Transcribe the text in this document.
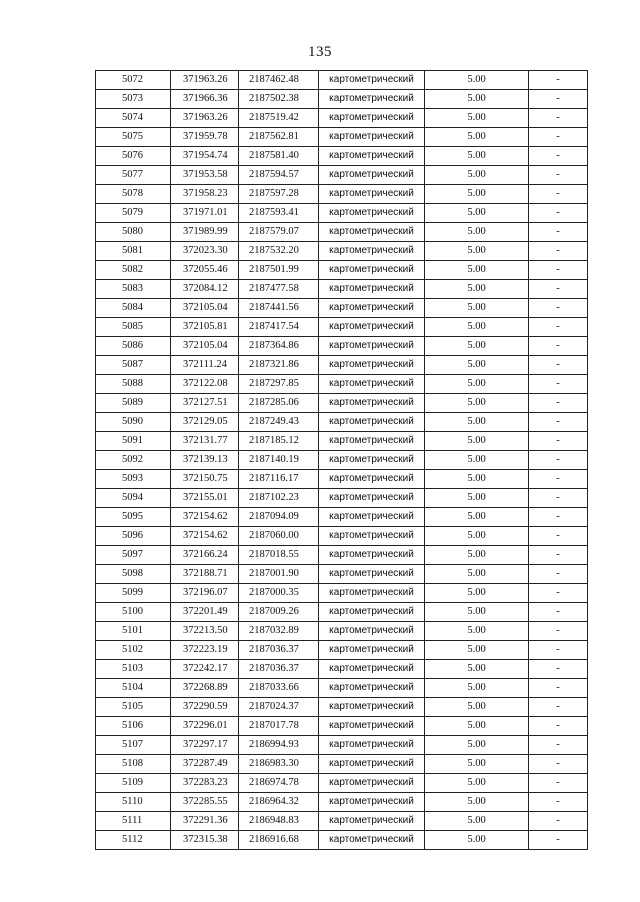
135
5072	371963.26	2187462.48	картометрический	5.00	-
5073	371966.36	2187502.38	картометрический	5.00	-
5074	371963.26	2187519.42	картометрический	5.00	-
5075	371959.78	2187562.81	картометрический	5.00	-
5076	371954.74	2187581.40	картометрический	5.00	-
5077	371953.58	2187594.57	картометрический	5.00	-
5078	371958.23	2187597.28	картометрический	5.00	-
5079	371971.01	2187593.41	картометрический	5.00	-
5080	371989.99	2187579.07	картометрический	5.00	-
5081	372023.30	2187532.20	картометрический	5.00	-
5082	372055.46	2187501.99	картометрический	5.00	-
5083	372084.12	2187477.58	картометрический	5.00	-
5084	372105.04	2187441.56	картометрический	5.00	-
5085	372105.81	2187417.54	картометрический	5.00	-
5086	372105.04	2187364.86	картометрический	5.00	-
5087	372111.24	2187321.86	картометрический	5.00	-
5088	372122.08	2187297.85	картометрический	5.00	-
5089	372127.51	2187285.06	картометрический	5.00	-
5090	372129.05	2187249.43	картометрический	5.00	-
5091	372131.77	2187185.12	картометрический	5.00	-
5092	372139.13	2187140.19	картометрический	5.00	-
5093	372150.75	2187116.17	картометрический	5.00	-
5094	372155.01	2187102.23	картометрический	5.00	-
5095	372154.62	2187094.09	картометрический	5.00	-
5096	372154.62	2187060.00	картометрический	5.00	-
5097	372166.24	2187018.55	картометрический	5.00	-
5098	372188.71	2187001.90	картометрический	5.00	-
5099	372196.07	2187000.35	картометрический	5.00	-
5100	372201.49	2187009.26	картометрический	5.00	-
5101	372213.50	2187032.89	картометрический	5.00	-
5102	372223.19	2187036.37	картометрический	5.00	-
5103	372242.17	2187036.37	картометрический	5.00	-
5104	372268.89	2187033.66	картометрический	5.00	-
5105	372290.59	2187024.37	картометрический	5.00	-
5106	372296.01	2187017.78	картометрический	5.00	-
5107	372297.17	2186994.93	картометрический	5.00	-
5108	372287.49	2186983.30	картометрический	5.00	-
5109	372283.23	2186974.78	картометрический	5.00	-
5110	372285.55	2186964.32	картометрический	5.00	-
5111	372291.36	2186948.83	картометрический	5.00	-
5112	372315.38	2186916.68	картометрический	5.00	-
